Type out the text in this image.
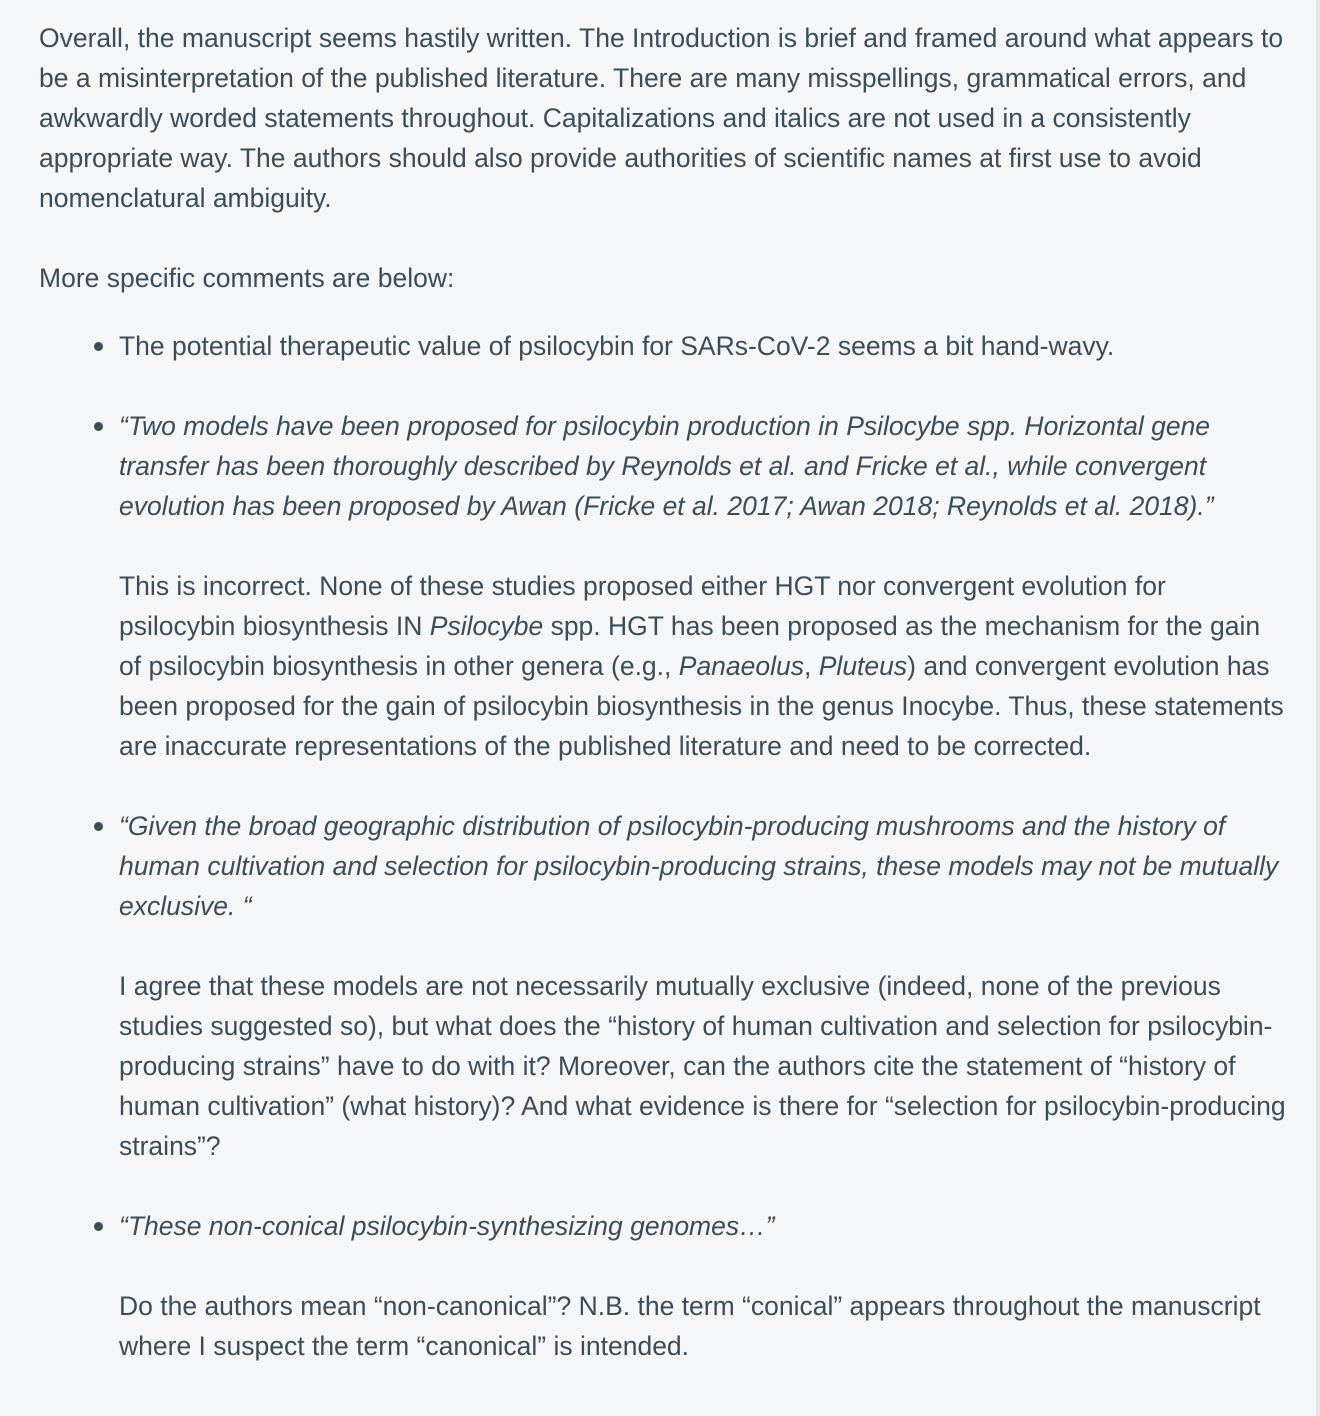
Overall, the manuscript seems hastily written. The Introduction is brief and framed around what appears to be a misinterpretation of the published literature. There are many misspellings, grammatical errors, and awkwardly worded statements throughout. Capitalizations and italics are not used in a consistently appropriate way. The authors should also provide authorities of scientific names at first use to avoid nomenclatural ambiguity.

More specific comments are below:

The potential therapeutic value of psilocybin for SARs-CoV-2 seems a bit hand-wavy.

“Two models have been proposed for psilocybin production in Psilocybe spp. Horizontal gene transfer has been thoroughly described by Reynolds et al. and Fricke et al., while convergent evolution has been proposed by Awan (Fricke et al. 2017; Awan 2018; Reynolds et al. 2018).”

This is incorrect. None of these studies proposed either HGT nor convergent evolution for psilocybin biosynthesis IN Psilocybe spp. HGT has been proposed as the mechanism for the gain of psilocybin biosynthesis in other genera (e.g., Panaeolus, Pluteus) and convergent evolution has been proposed for the gain of psilocybin biosynthesis in the genus Inocybe. Thus, these statements are inaccurate representations of the published literature and need to be corrected.

“Given the broad geographic distribution of psilocybin-producing mushrooms and the history of human cultivation and selection for psilocybin-producing strains, these models may not be mutually exclusive. “

I agree that these models are not necessarily mutually exclusive (indeed, none of the previous studies suggested so), but what does the “history of human cultivation and selection for psilocybin-producing strains” have to do with it? Moreover, can the authors cite the statement of “history of human cultivation” (what history)? And what evidence is there for “selection for psilocybin-producing strains”?

“These non-conical psilocybin-synthesizing genomes…”

Do the authors mean “non-canonical”? N.B. the term “conical” appears throughout the manuscript where I suspect the term “canonical” is intended.
